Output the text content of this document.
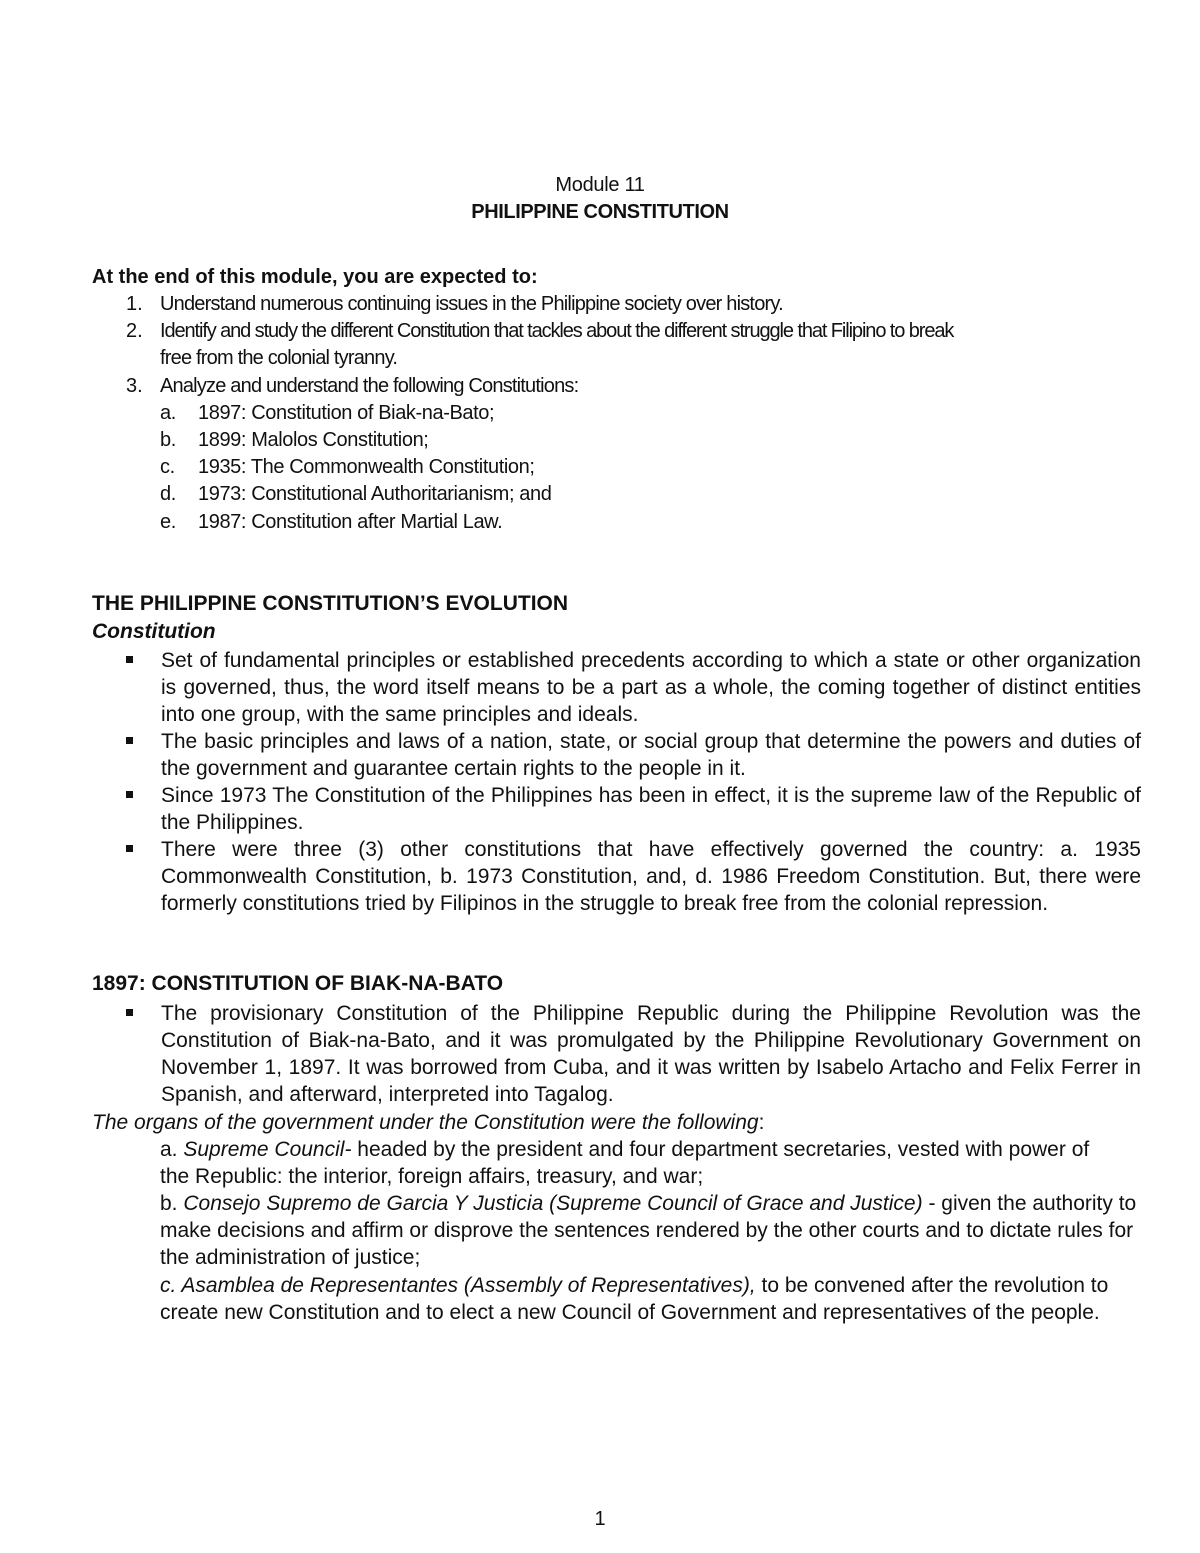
Module 11
PHILIPPINE CONSTITUTION
At the end of this module, you are expected to:
1. Understand numerous continuing issues in the Philippine society over history.
2. Identify and study the different Constitution that tackles about the different struggle that Filipino to break
free from the colonial tyranny.
3. Analyze and understand the following Constitutions:
a. 1897: Constitution of Biak-na-Bato;
b. 1899: Malolos Constitution;
c. 1935: The Commonwealth Constitution;
d. 1973: Constitutional Authoritarianism; and
e. 1987: Constitution after Martial Law.
THE PHILIPPINE CONSTITUTION’S EVOLUTION
Constitution
Set of fundamental principles or established precedents according to which a state or other organization is governed, thus, the word itself means to be a part as a whole, the coming together of distinct entities into one group, with the same principles and ideals.
The basic principles and laws of a nation, state, or social group that determine the powers and duties of the government and guarantee certain rights to the people in it.
Since 1973 The Constitution of the Philippines has been in effect, it is the supreme law of the Republic of the Philippines.
There were three (3) other constitutions that have effectively governed the country: a. 1935 Commonwealth Constitution, b. 1973 Constitution, and, d. 1986 Freedom Constitution. But, there were formerly constitutions tried by Filipinos in the struggle to break free from the colonial repression.
1897: CONSTITUTION OF BIAK-NA-BATO
The provisionary Constitution of the Philippine Republic during the Philippine Revolution was the Constitution of Biak-na-Bato, and it was promulgated by the Philippine Revolutionary Government on November 1, 1897. It was borrowed from Cuba, and it was written by Isabelo Artacho and Felix Ferrer in Spanish, and afterward, interpreted into Tagalog.
The organs of the government under the Constitution were the following:
a. Supreme Council- headed by the president and four department secretaries, vested with power of the Republic: the interior, foreign affairs, treasury, and war;
b. Consejo Supremo de Garcia Y Justicia (Supreme Council of Grace and Justice) - given the authority to make decisions and affirm or disprove the sentences rendered by the other courts and to dictate rules for the administration of justice;
c. Asamblea de Representantes (Assembly of Representatives), to be convened after the revolution to create new Constitution and to elect a new Council of Government and representatives of the people.
1
